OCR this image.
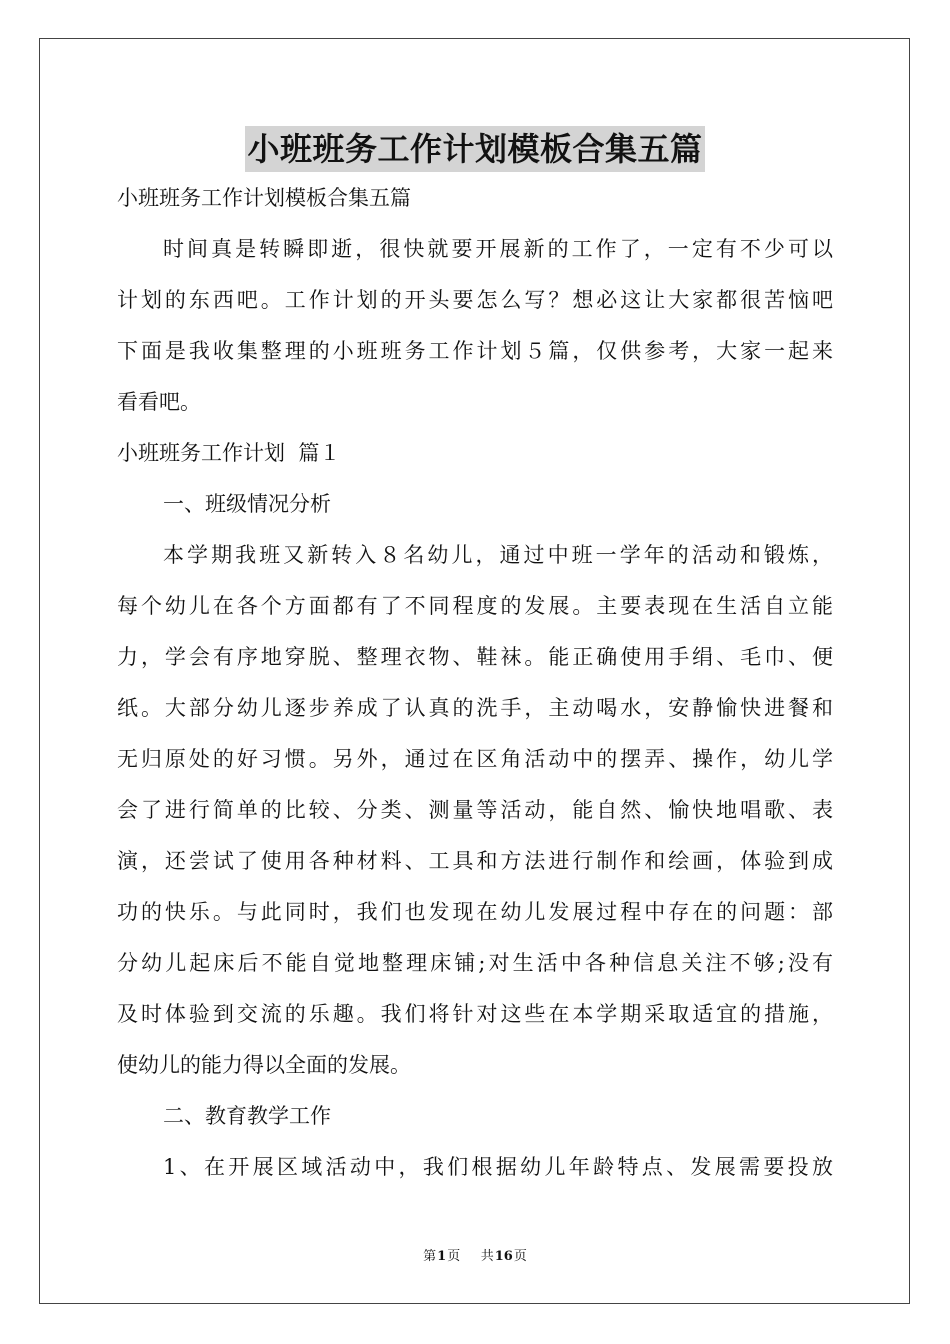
小班班务工作计划模板合集五篇
小班班务工作计划模板合集五篇
时间真是转瞬即逝，很快就要开展新的工作了，一定有不少可以
计划的东西吧。工作计划的开头要怎么写？想必这让大家都很苦恼吧
下面是我收集整理的小班班务工作计划５篇，仅供参考，大家一起来
看看吧。
小班班务工作计划  篇１
一、班级情况分析
本学期我班又新转入８名幼儿，通过中班一学年的活动和锻炼，
每个幼儿在各个方面都有了不同程度的发展。主要表现在生活自立能
力，学会有序地穿脱、整理衣物、鞋袜。能正确使用手绢、毛巾、便
纸。大部分幼儿逐步养成了认真的洗手，主动喝水，安静愉快进餐和
无归原处的好习惯。另外，通过在区角活动中的摆弄、操作，幼儿学
会了进行简单的比较、分类、测量等活动，能自然、愉快地唱歌、表
演，还尝试了使用各种材料、工具和方法进行制作和绘画，体验到成
功的快乐。与此同时，我们也发现在幼儿发展过程中存在的问题：部
分幼儿起床后不能自觉地整理床铺;对生活中各种信息关注不够;没有
及时体验到交流的乐趣。我们将针对这些在本学期采取适宜的措施，
使幼儿的能力得以全面的发展。
二、教育教学工作
1、在开展区域活动中，我们根据幼儿年龄特点、发展需要投放
第1页 共16页
